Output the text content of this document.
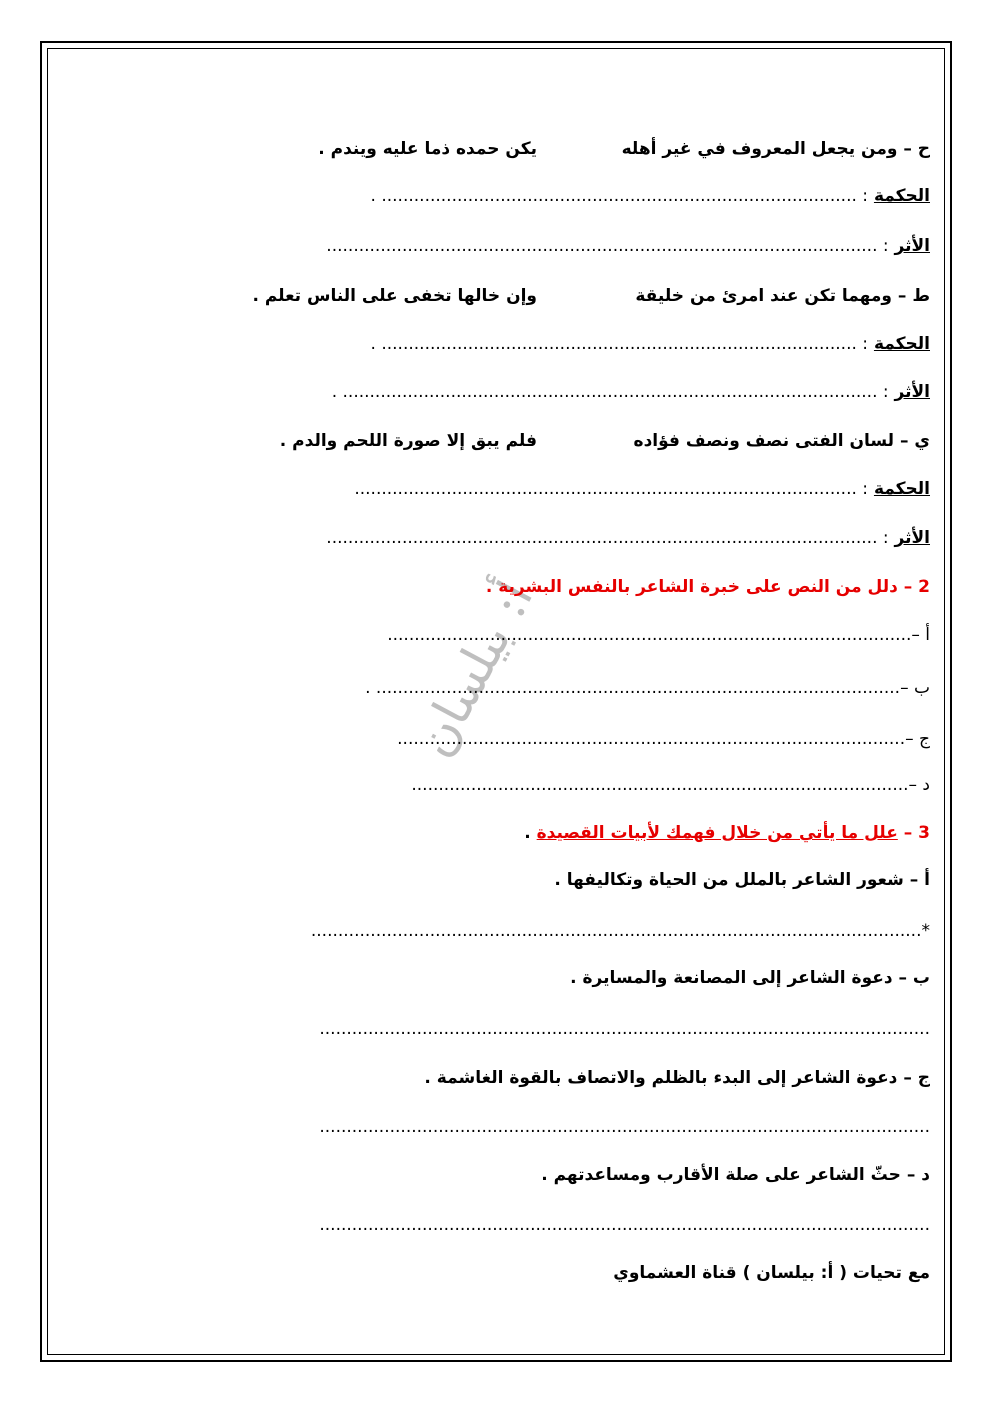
أ: بيلسان
ح – ومن يجعل المعروف في غير أهله
يكن حمده ذما عليه ويندم .
الحكمة : ........................................................................................ .
الأثر : ......................................................................................................
ط – ومهما تكن عند امرئ من خليقة
وإن خالها تخفى على الناس تعلم .
الحكمة : ........................................................................................ .
الأثر : ................................................................................................... .
ي – لسان الفتى نصف ونصف فؤاده
فلم يبق إلا صورة اللحم والدم .
الحكمة : .............................................................................................
الأثر : ......................................................................................................
2 – دلل من النص على خبرة الشاعر بالنفس البشرية .
أ –.................................................................................................
ب –................................................................................................. .
ج –..............................................................................................
د –............................................................................................
3 – علل ما يأتي من خلال فهمك لأبيات القصيدة .
أ – شعور الشاعر بالملل من الحياة وتكاليفها .
*.................................................................................................................
ب – دعوة الشاعر إلى المصانعة والمسايرة .
.................................................................................................................
ج – دعوة الشاعر إلى البدء بالظلم والاتصاف بالقوة الغاشمة .
.................................................................................................................
د – حثّ الشاعر على صلة الأقارب ومساعدتهم .
.................................................................................................................
مع تحيات ( أ: بيلسان ) قناة العشماوي
